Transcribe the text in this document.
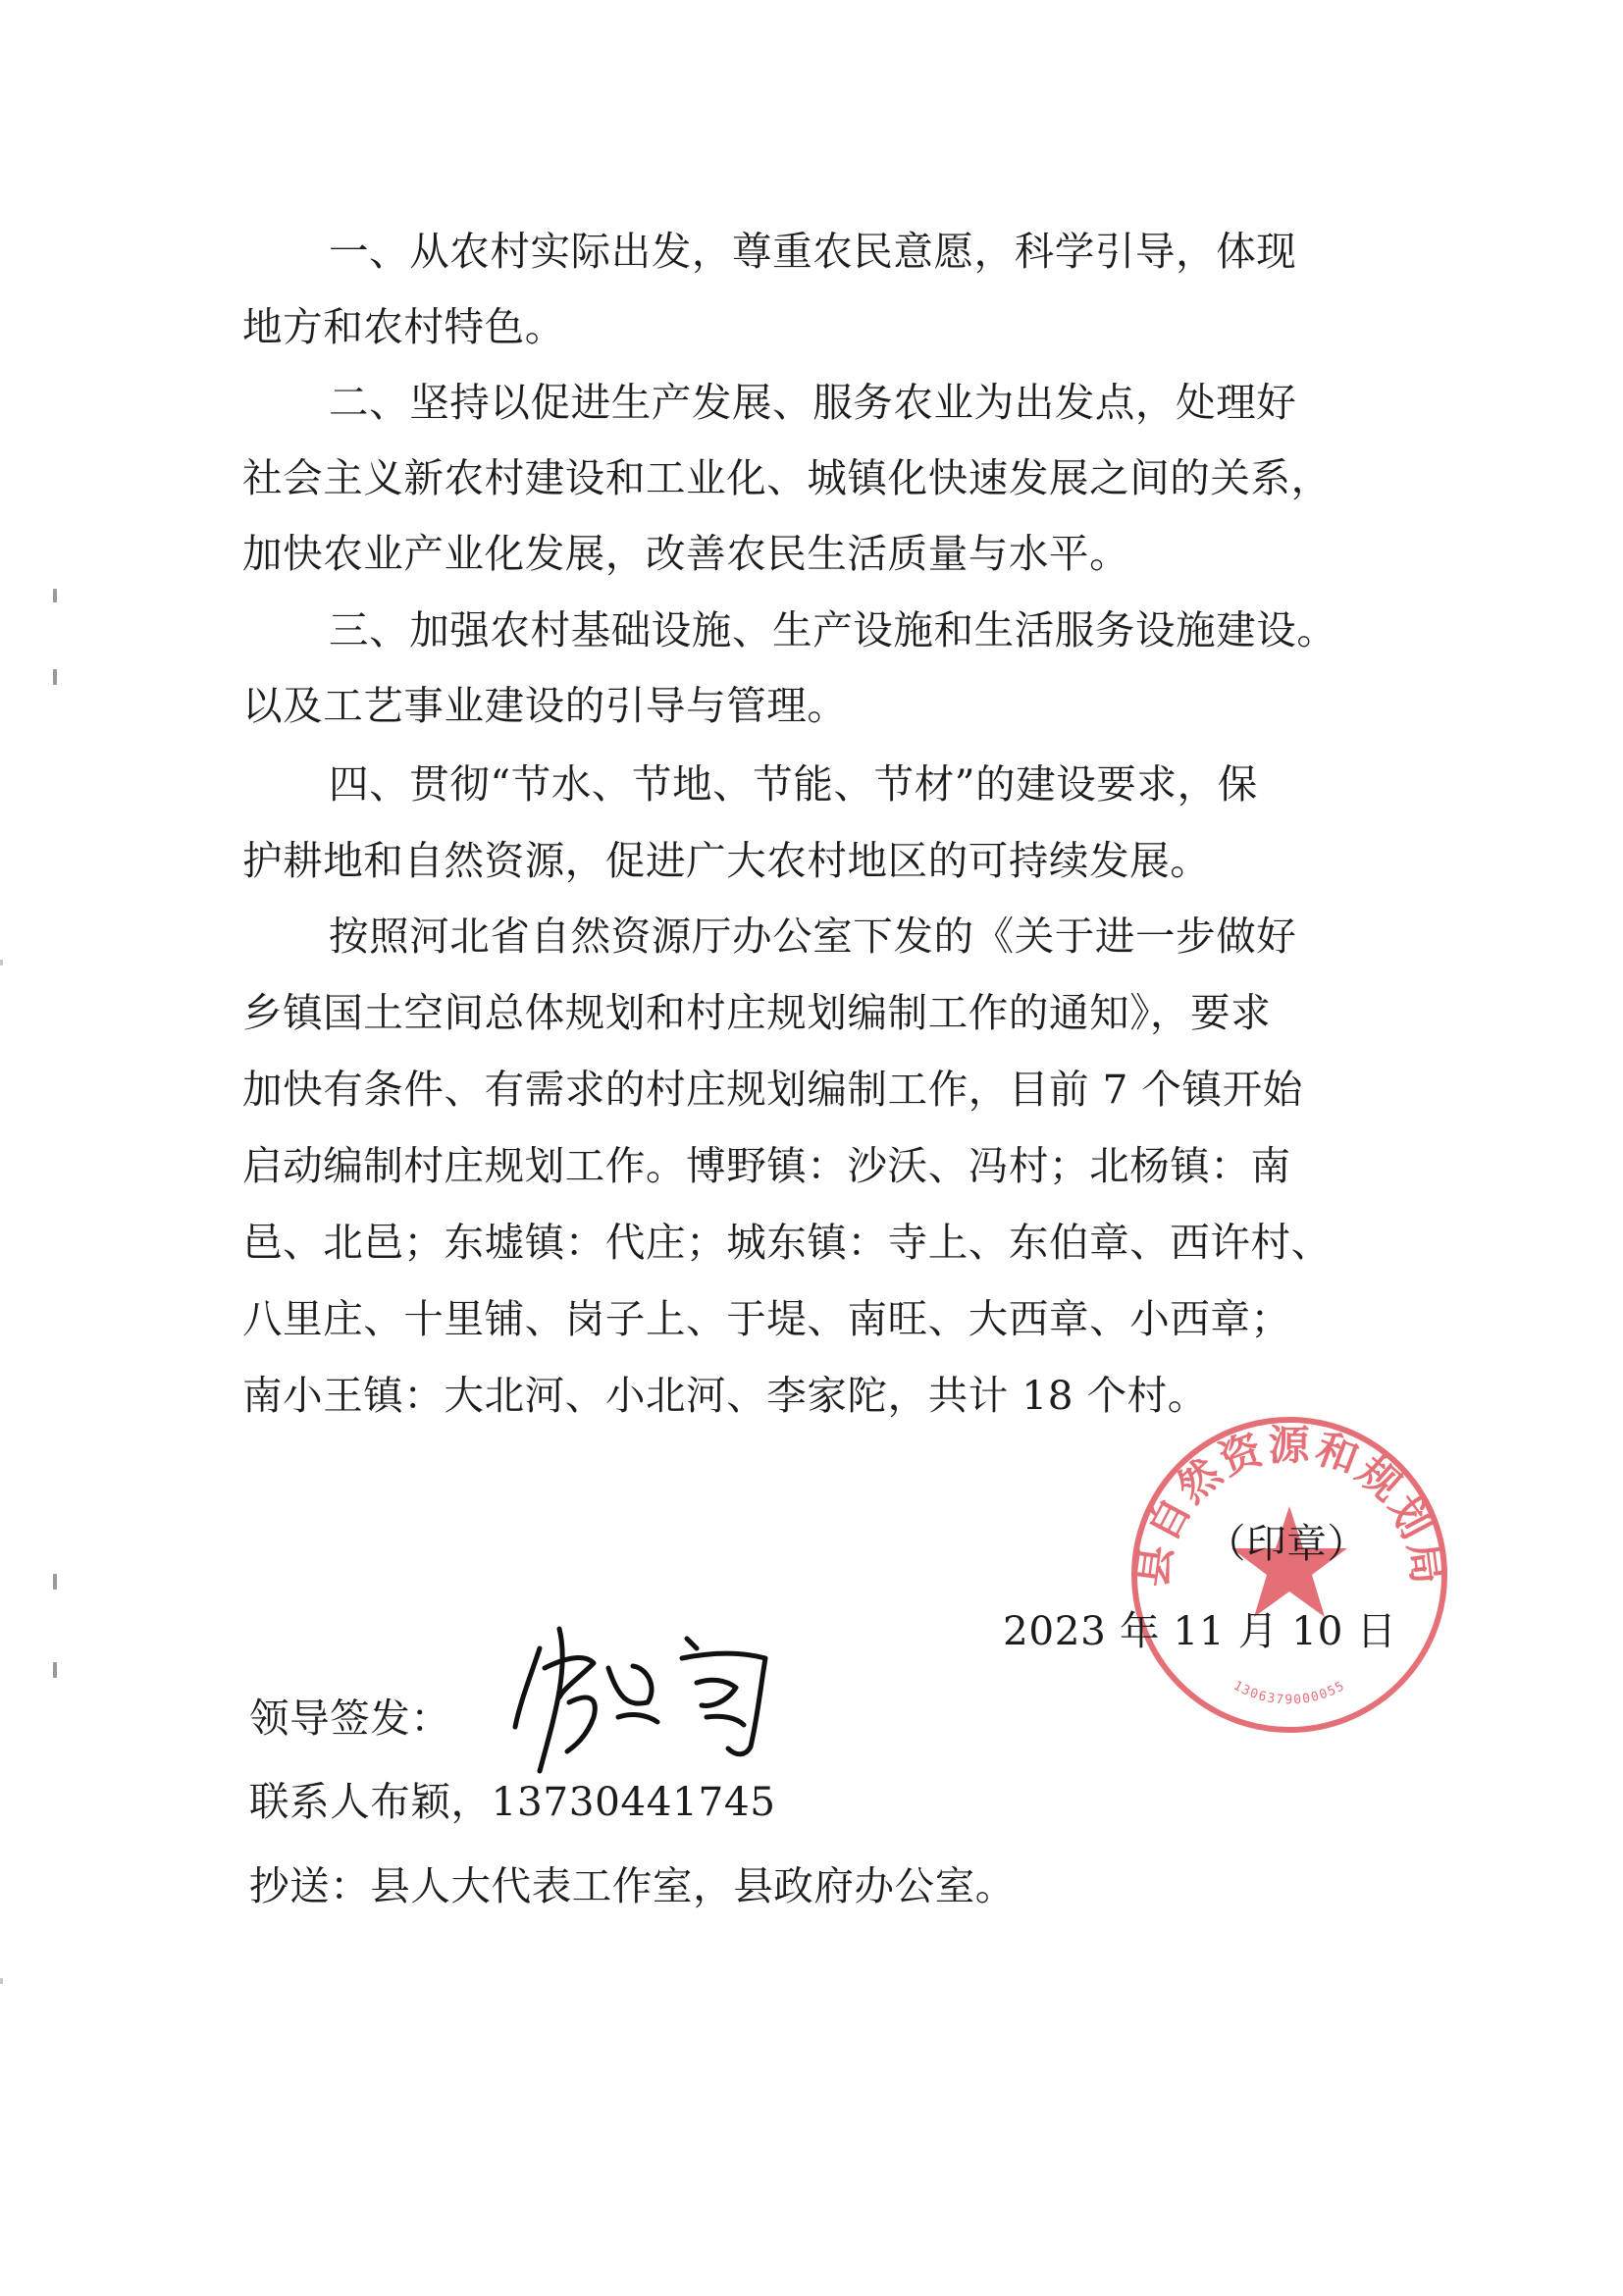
一、从农村实际出发，尊重农民意愿，科学引导，体现

地方和农村特色。

二、坚持以促进生产发展、服务农业为出发点，处理好

社会主义新农村建设和工业化、城镇化快速发展之间的关系，

加快农业产业化发展，改善农民生活质量与水平。

三、加强农村基础设施、生产设施和生活服务设施建设。

以及工艺事业建设的引导与管理。

四、贯彻“节水、节地、节能、节材”的建设要求，保

护耕地和自然资源，促进广大农村地区的可持续发展。

按照河北省自然资源厅办公室下发的《关于进一步做好

乡镇国土空间总体规划和村庄规划编制工作的通知》，要求

加快有条件、有需求的村庄规划编制工作，目前 7 个镇开始

启动编制村庄规划工作。博野镇：沙沃、冯村；北杨镇：南

邑、北邑；东墟镇：代庄；城东镇：寺上、东伯章、西许村、

八里庄、十里铺、岗子上、于堤、南旺、大西章、小西章；

南小王镇：大北河、小北河、李家陀，共计 18 个村。

县自然资源和规划局
1306379000055

（印章）

2023 年 11 月 10 日

领导签发：

联系人布颖，13730441745

抄送：县人大代表工作室，县政府办公室。
